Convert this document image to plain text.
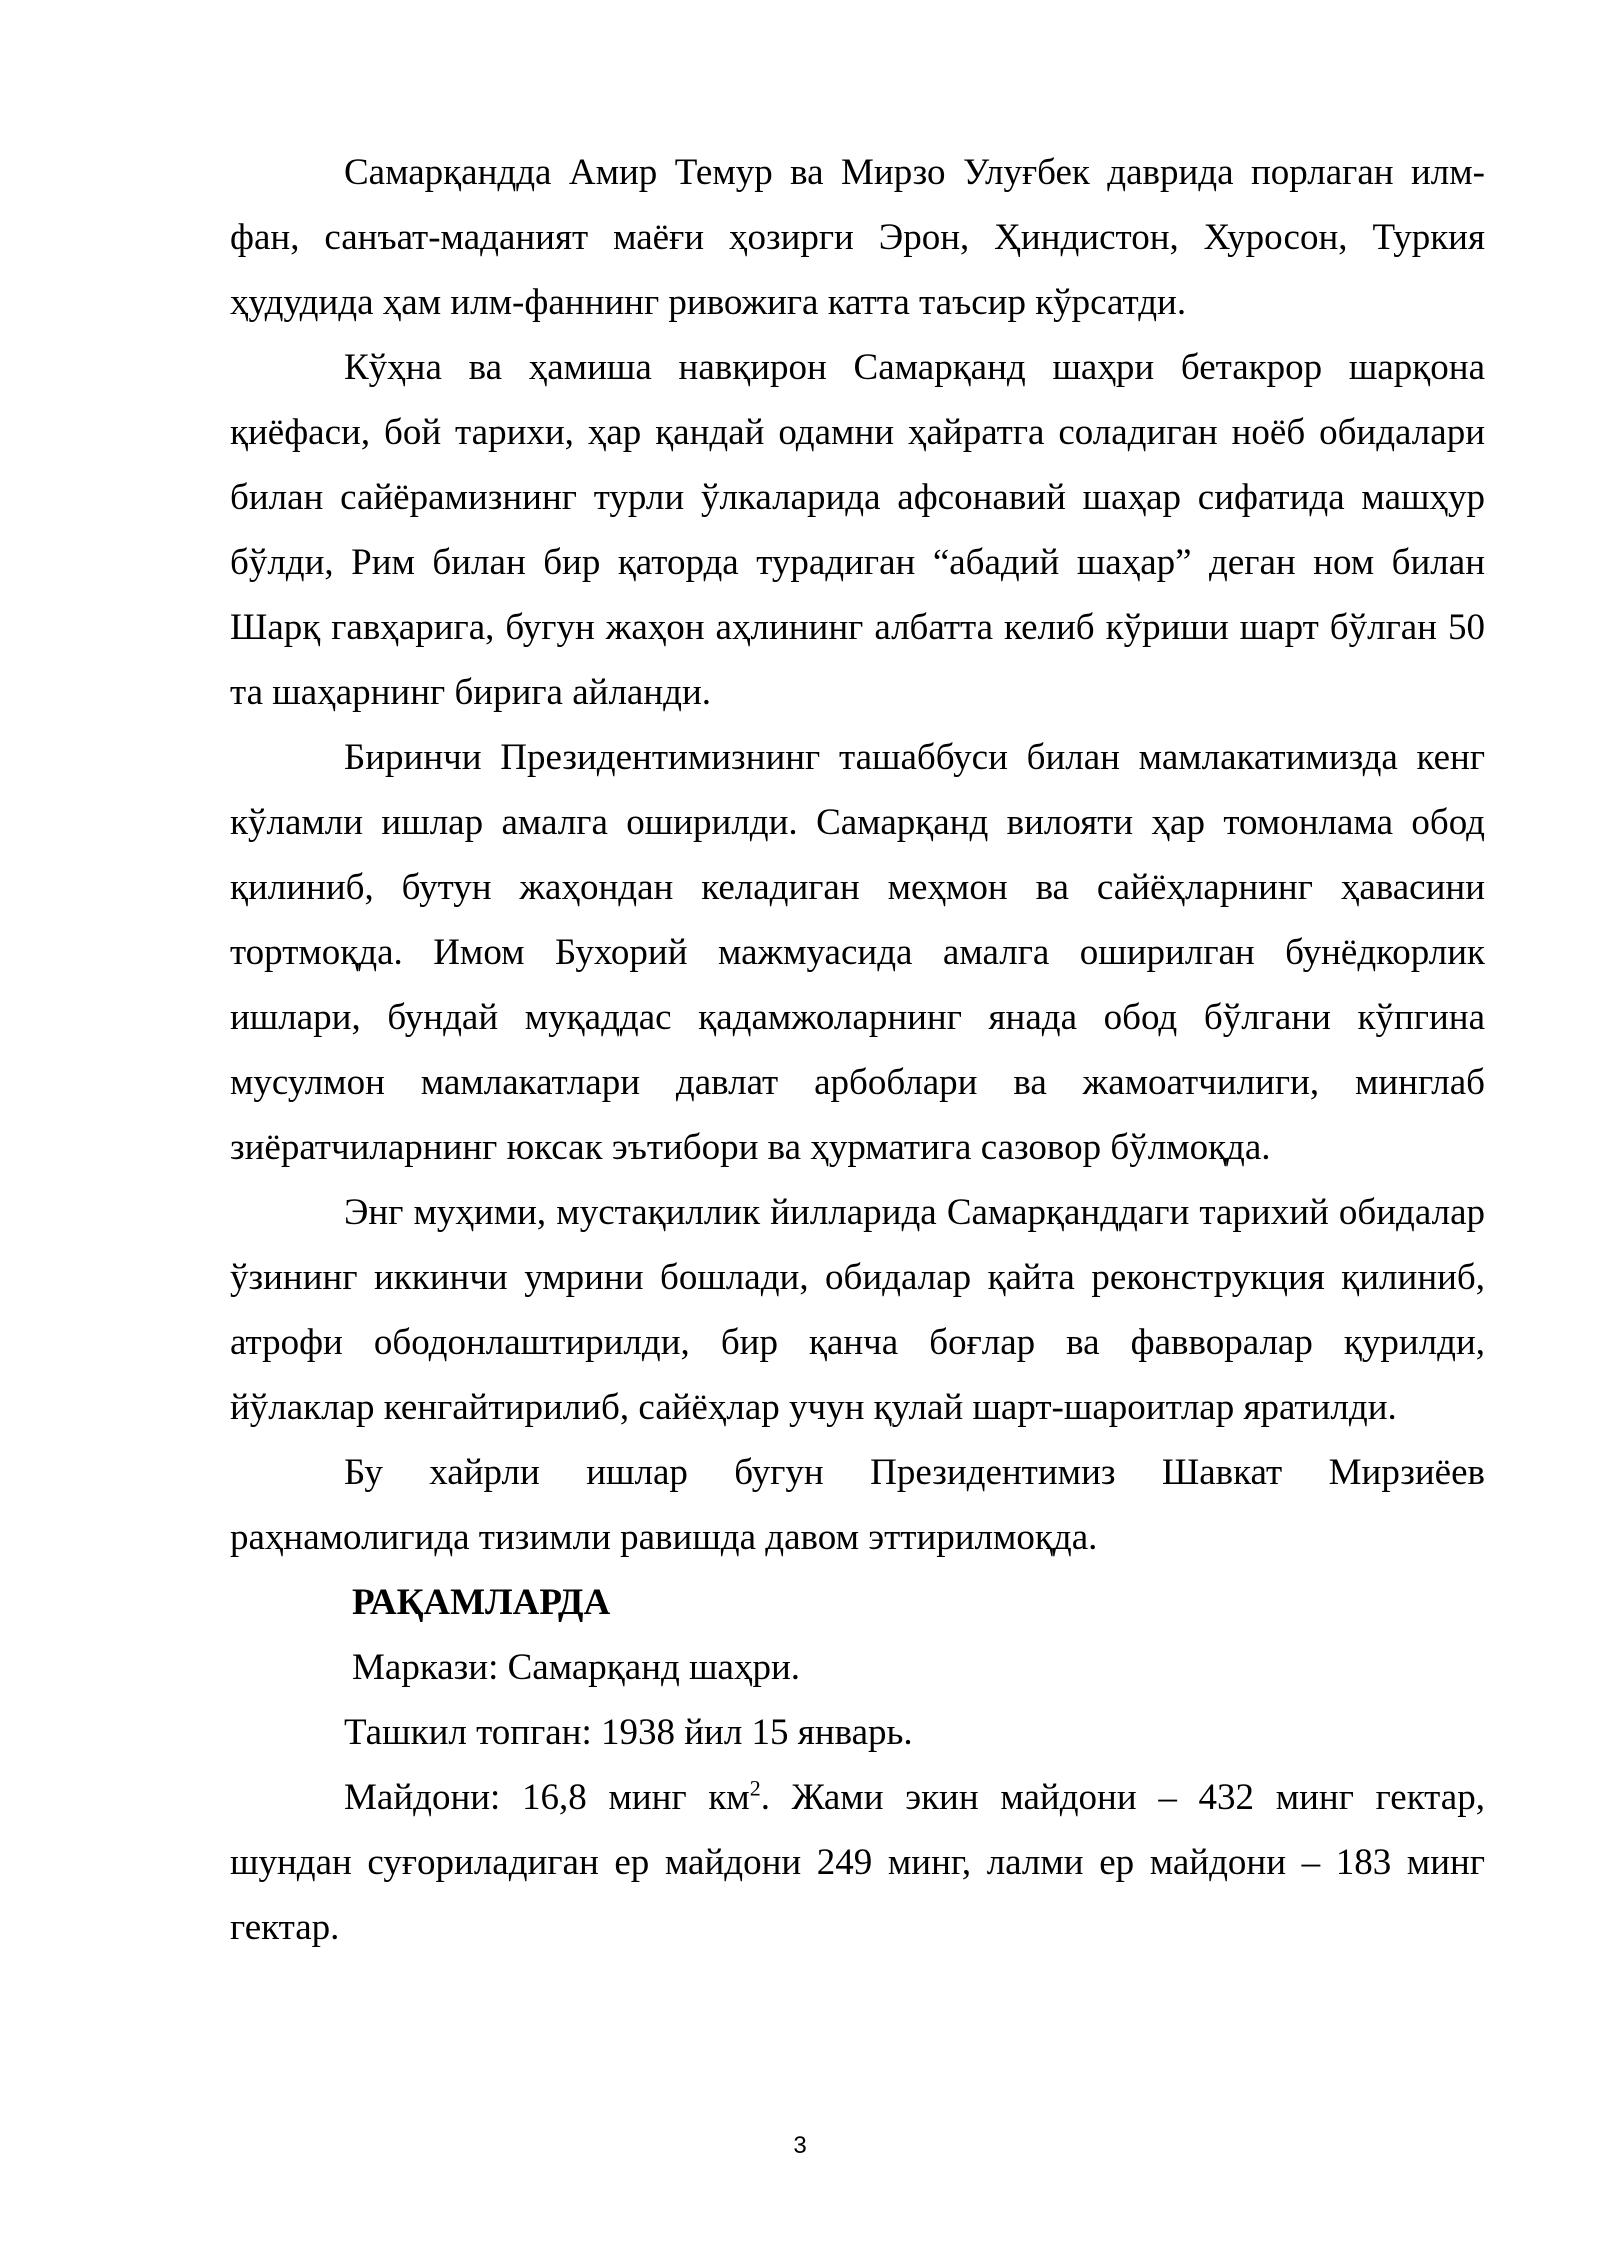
Самарқандда Амир Темур ва Мирзо Улуғбек даврида порлаган илм-фан, санъат-маданият маёғи ҳозирги Эрон, Ҳиндистон, Хуросон, Туркия ҳудудида ҳам илм-фаннинг ривожига катта таъсир кўрсатди.

Кўҳна ва ҳамиша навқирон Самарқанд шаҳри бетакрор шарқона қиёфаси, бой тарихи, ҳар қандай одамни ҳайратга соладиган ноёб обидалари билан сайёрамизнинг турли ўлкаларида афсонавий шаҳар сифатида машҳур бўлди, Рим билан бир қаторда турадиган “абадий шаҳар” деган ном билан Шарқ гавҳарига, бугун жаҳон аҳлининг албатта келиб кўриши шарт бўлган 50 та шаҳарнинг бирига айланди.

Биринчи Президентимизнинг ташаббуси билан мамлакатимизда кенг кўламли ишлар амалга оширилди. Самарқанд вилояти ҳар томонлама обод қилиниб, бутун жаҳондан келадиган меҳмон ва сайёҳларнинг ҳавасини тортмоқда. Имом Бухорий мажмуасида амалга оширилган бунёдкорлик ишлари, бундай муқаддас қадамжоларнинг янада обод бўлгани кўпгина мусулмон мамлакатлари давлат арбоблари ва жамоатчилиги, минглаб зиёратчиларнинг юксак эътибори ва ҳурматига сазовор бўлмоқда.

Энг муҳими, мустақиллик йилларида Самарқанддаги тарихий обидалар ўзининг иккинчи умрини бошлади, обидалар қайта реконструкция қилиниб, атрофи ободонлаштирилди, бир қанча боғлар ва фавворалар қурилди, йўлаклар кенгайтирилиб, сайёҳлар учун қулай шарт-шароитлар яратилди.

Бу хайрли ишлар бугун Президентимиз Шавкат Мирзиёев раҳнамолигида тизимли равишда давом эттирилмоқда.

РАҚАМЛАРДА

Маркази: Самарқанд шаҳри.

Ташкил топган: 1938 йил 15 январь.

Майдони: 16,8 минг $км^2$. Жами экин майдони – 432 минг гектар, шундан суғориладиган ер майдони 249 минг, лалми ер майдони – 183 минг гектар.

3
